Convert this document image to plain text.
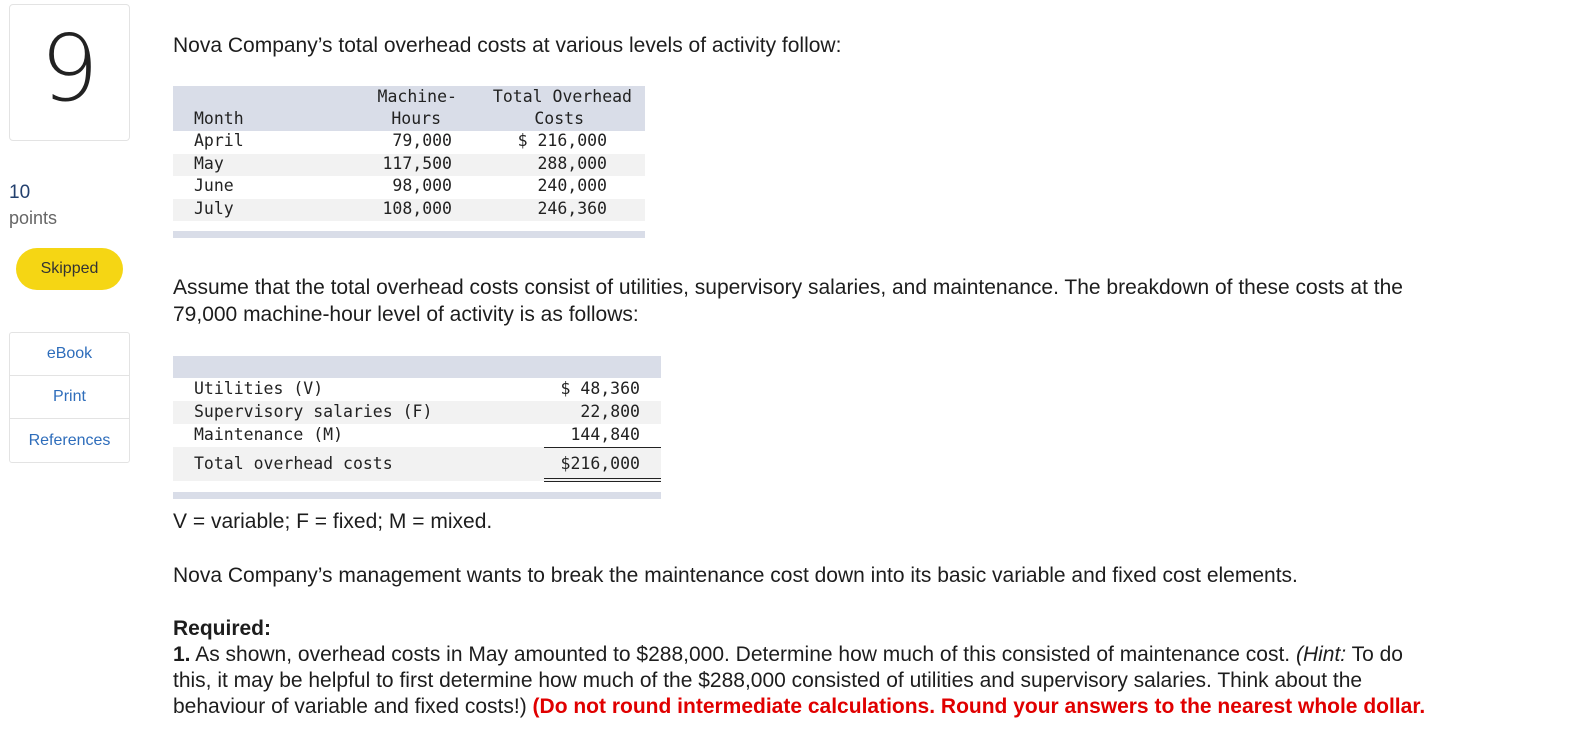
9
10
points
Skipped
eBook
Print
References
Nova Company’s total overhead costs at various levels of activity follow:
Machine- Total Overhead
Month	Hours	Costs
April	79,000	$ 216,000
May	117,500	288,000
June	98,000	240,000
July	108,000	246,360
Assume that the total overhead costs consist of utilities, supervisory salaries, and maintenance. The breakdown of these costs at the
79,000 machine-hour level of activity is as follows:
Utilities (V)	$ 48,360
Supervisory salaries (F)	22,800
Maintenance (M)	144,840
Total overhead costs	$216,000
V = variable; F = fixed; M = mixed.
Nova Company’s management wants to break the maintenance cost down into its basic variable and fixed cost elements.
Required:
1. As shown, overhead costs in May amounted to $288,000. Determine how much of this consisted of maintenance cost. (Hint: To do
this, it may be helpful to first determine how much of the $288,000 consisted of utilities and supervisory salaries. Think about the
behaviour of variable and fixed costs!) (Do not round intermediate calculations. Round your answers to the nearest whole dollar.
